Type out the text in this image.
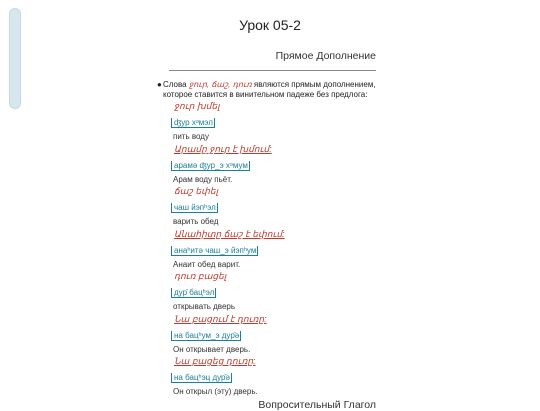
Урок 05-2
Прямое Дополнение
● Слова ջուր, ճաշ, դուռ являются прямым дополнением, которое ставится в винительном падеже без предлога:
ջուր խմել
ʤур хᵊмэл
пить воду
Արամը ջուր է խմում:
арамə ʤур_э хᵊмум
Арам воду пьёт.
ճաշ եփել
чаш йэпʰэл
варить обед
Անահիտը ճաշ է եփում:
анаʰитə чаш_э йэпʰум
Анаит обед варит.
դուռ բացել
дур̄ бацʰэл
открывать дверь
Նա բացում է դուռը:
на бацʰум_э дур̄ə
Он открывает дверь.
Նա բացեց դուռը:
на бацʰэц дур̄ə
Он открыл (эту) дверь.
Вопросительный Глагол
